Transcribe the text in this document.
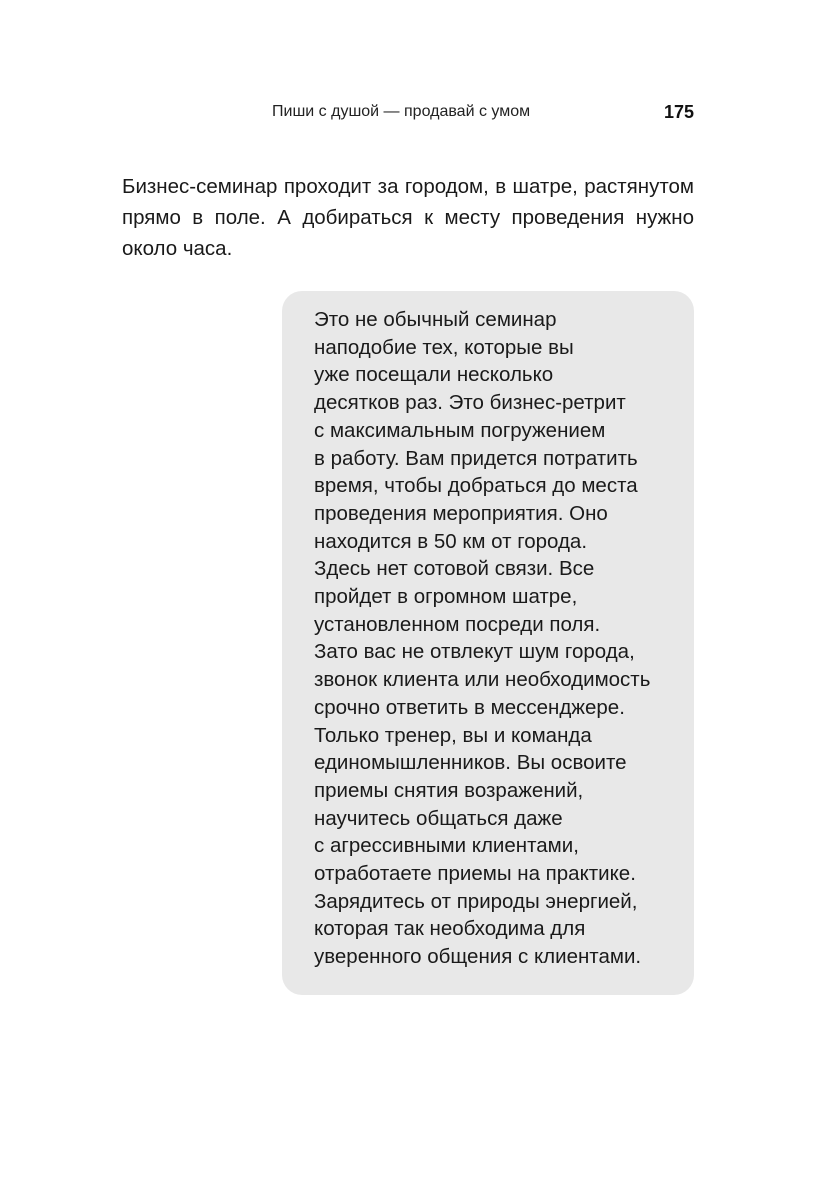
Пиши с душой — продавай с умом	175

Бизнес-семинар проходит за городом, в шатре, растянутом прямо в поле. А добираться к месту проведения нужно около часа.

Это не обычный семинар
наподобие тех, которые вы
уже посещали несколько
десятков раз. Это бизнес-ретрит
с максимальным погружением
в работу. Вам придется потратить
время, чтобы добраться до места
проведения мероприятия. Оно
находится в 50 км от города.
Здесь нет сотовой связи. Все
пройдет в огромном шатре,
установленном посреди поля.
Зато вас не отвлекут шум города,
звонок клиента или необходимость
срочно ответить в мессенджере.
Только тренер, вы и команда
единомышленников. Вы освоите
приемы снятия возражений,
научитесь общаться даже
с агрессивными клиентами,
отработаете приемы на практике.
Зарядитесь от природы энергией,
которая так необходима для
уверенного общения с клиентами.
